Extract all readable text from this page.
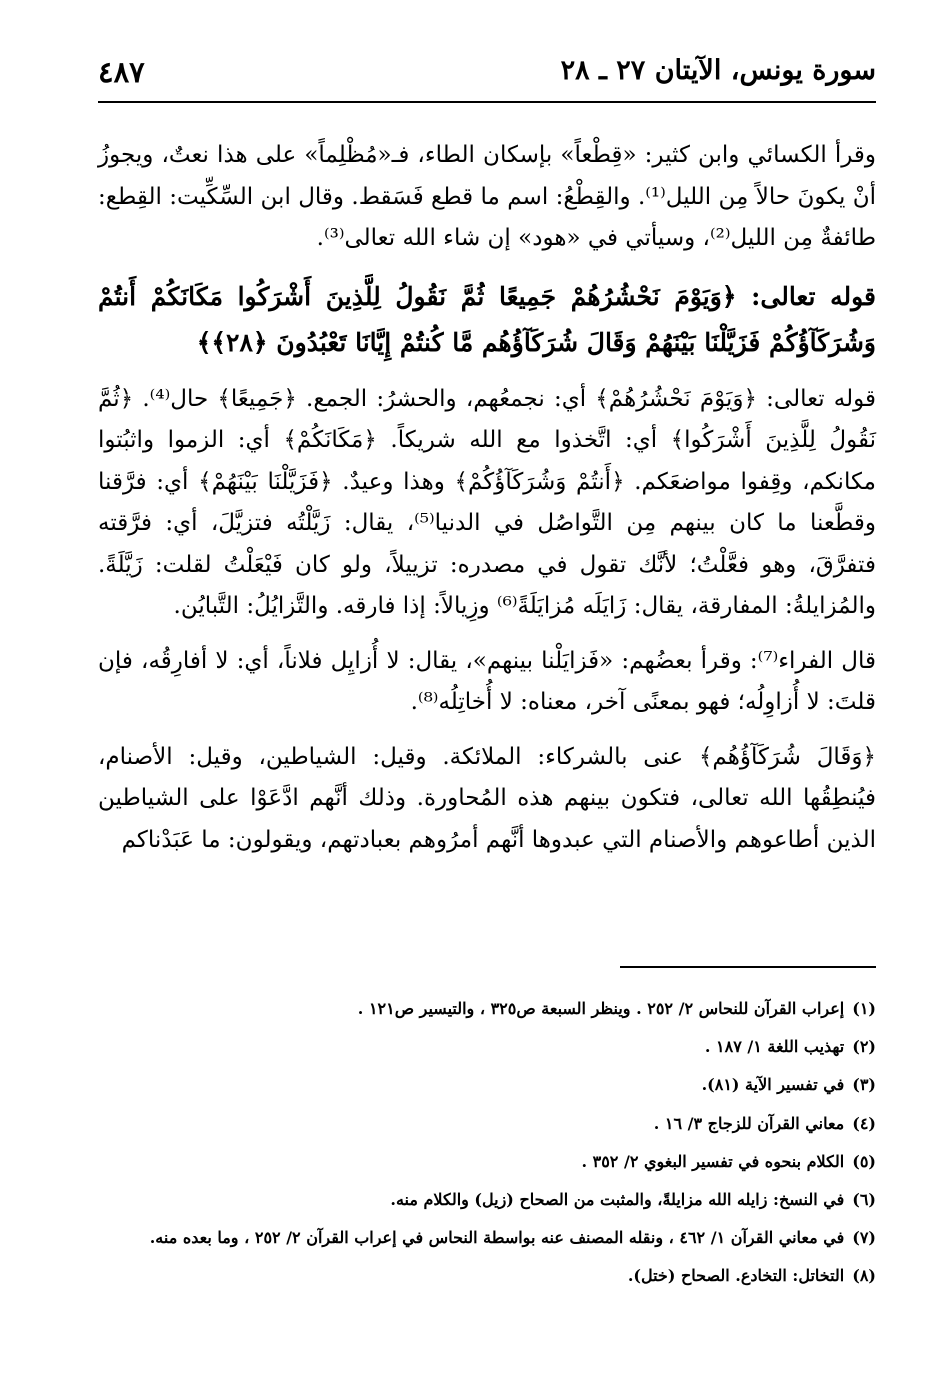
سورة يونس، الآيتان ٢٧ ـ ٢٨
٤٨٧

وقرأ الكسائي وابن كثير: «قِطْعاً» بإسكان الطاء، فـ«مُظْلِماً» على هذا نعتٌ، ويجوزُ أنْ يكونَ حالاً مِن الليل⁽¹⁾. والقِطْعُ: اسم ما قطع فَسَقط. وقال ابن السِّكِّيت: القِطع: طائفةٌ مِن الليل⁽²⁾، وسيأتي في «هود» إن شاء الله تعالى⁽³⁾.

قوله تعالى: ﴿وَيَوْمَ نَحْشُرُهُمْ جَمِيعًا ثُمَّ نَقُولُ لِلَّذِينَ أَشْرَكُوا مَكَانَكُمْ أَنتُمْ وَشُرَكَآؤُكُمْ فَزَيَّلْنَا بَيْنَهُمْ وَقَالَ شُرَكَآؤُهُم مَّا كُنتُمْ إِيَّانَا تَعْبُدُونَ ﴿٢٨﴾﴾

قوله تعالى: ﴿وَيَوْمَ نَحْشُرُهُمْ﴾ أي: نجمعُهم، والحشرُ: الجمع. ﴿جَمِيعًا﴾ حال⁽⁴⁾. ﴿ثُمَّ نَقُولُ لِلَّذِينَ أَشْرَكُوا﴾ أي: اتَّخذوا مع الله شريكاً. ﴿مَكَانَكُمْ﴾ أي: الزموا واثبُتوا مكانكم، وقِفوا مواضعَكم. ﴿أَنتُمْ وَشُرَكَآؤُكُمْ﴾ وهذا وعيدٌ. ﴿فَزَيَّلْنَا بَيْنَهُمْ﴾ أي: فرَّقنا وقطَّعنا ما كان بينهم مِن التَّواصُل في الدنيا⁽⁵⁾، يقال: زَيَّلْتُه فتزيَّلَ، أي: فرَّقته فتفرَّقَ، وهو فعَّلْتُ؛ لأنَّك تقول في مصدره: تزييلاً، ولو كان فَيْعَلْتُ لقلت: زَيَّلَةً. والمُزايلةُ: المفارقة، يقال: زَايَلَه مُزايَلَةً⁽⁶⁾ وزِيالاً: إذا فارقه. والتَّزايُلُ: التَّبايُن.

قال الفراء⁽⁷⁾: وقرأ بعضُهم: «فَزايَلْنا بينهم»، يقال: لا أُزايِل فلاناً، أي: لا أفارِقُه، فإن قلتَ: لا أُزاوِلُه؛ فهو بمعنًى آخر، معناه: لا أُخاتِلُه⁽⁸⁾.

﴿وَقَالَ شُرَكَآؤُهُم﴾ عنى بالشركاء: الملائكة. وقيل: الشياطين، وقيل: الأصنام، فيُنطِقُها الله تعالى، فتكون بينهم هذه المُحاورة. وذلك أنَّهم ادَّعَوْا على الشياطين الذين أطاعوهم والأصنام التي عبدوها أنَّهم أمرُوهم بعبادتهم، ويقولون: ما عَبَدْناكم

(١)إعراب القرآن للنحاس ٢/ ٢٥٢ . وينظر السبعة ص٣٢٥ ، والتيسير ص١٢١ .

(٢)تهذيب اللغة ١/ ١٨٧ .

(٣)في تفسير الآية (٨١).

(٤)معاني القرآن للزجاج ٣/ ١٦ .

(٥)الكلام بنحوه في تفسير البغوي ٢/ ٣٥٢ .

(٦)في النسخ: زايله الله مزايلةً، والمثبت من الصحاح (زيل) والكلام منه.

(٧)في معاني القرآن ١/ ٤٦٢ ، ونقله المصنف عنه بواسطة النحاس في إعراب القرآن ٢/ ٢٥٢ ، وما بعده منه.

(٨)التخاتل: التخادع. الصحاح (ختل).
